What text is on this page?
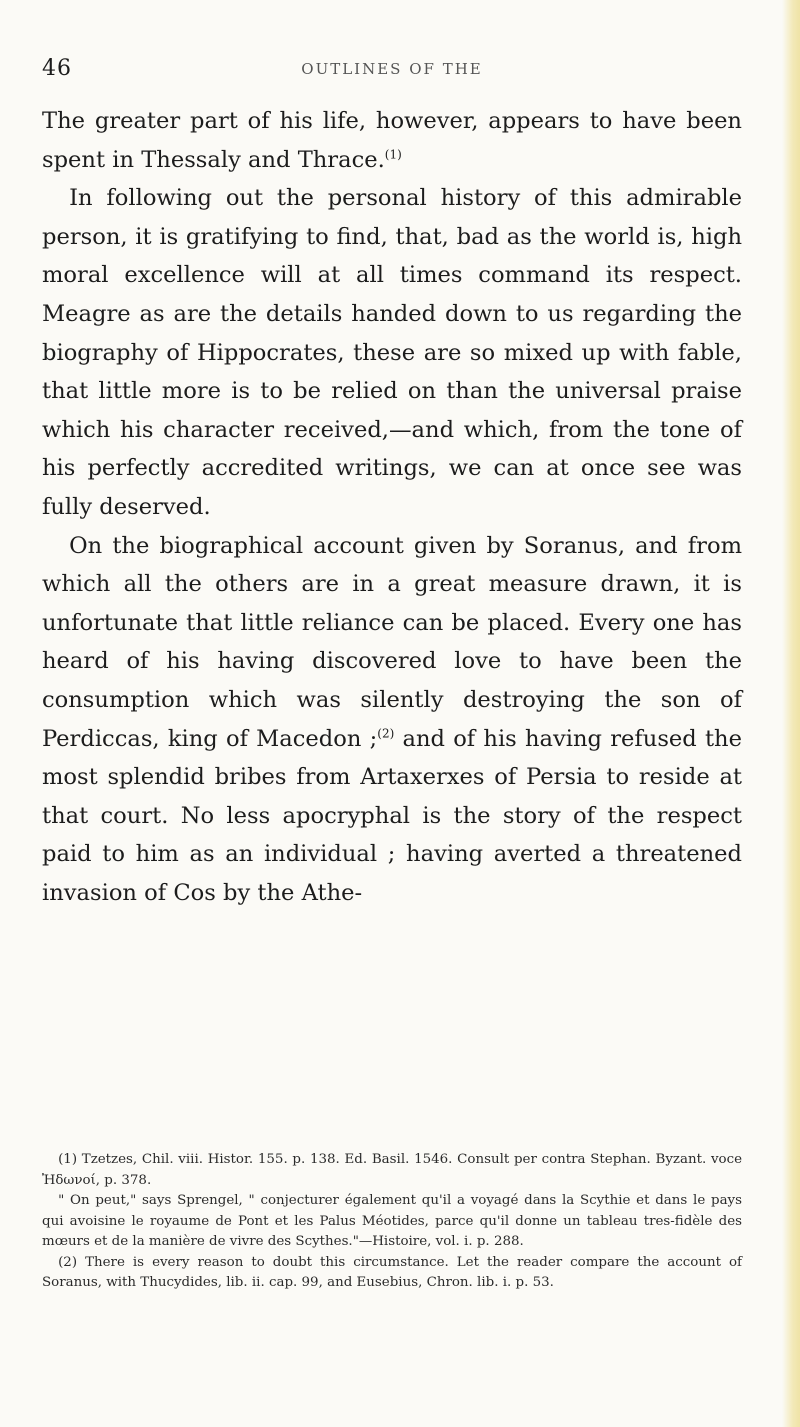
46	OUTLINES OF THE

The greater part of his life, however, appears to have been spent in Thessaly and Thrace.$^{(1)}$

In following out the personal history of this admirable person, it is gratifying to find, that, bad as the world is, high moral excellence will at all times command its respect. Meagre as are the details handed down to us regarding the biography of Hippocrates, these are so mixed up with fable, that little more is to be relied on than the universal praise which his character received,—and which, from the tone of his perfectly accredited writings, we can at once see was fully deserved.

On the biographical account given by Soranus, and from which all the others are in a great measure drawn, it is unfortunate that little reliance can be placed. Every one has heard of his having discovered love to have been the consumption which was silently destroying the son of Perdiccas, king of Macedon ;$^{(2)}$ and of his having refused the most splendid bribes from Artaxerxes of Persia to reside at that court. No less apocryphal is the story of the respect paid to him as an individual ; having averted a threatened invasion of Cos by the Athe-

(1) Tzetzes, Chil. viii. Histor. 155. p. 138. Ed. Basil. 1546. Consult per contra Stephan. Byzant. voce Ἠδωνοί, p. 378.

" On peut," says Sprengel, " conjecturer également qu'il a voyagé dans la Scythie et dans le pays qui avoisine le royaume de Pont et les Palus Méotides, parce qu'il donne un tableau tres-fidèle des mœurs et de la manière de vivre des Scythes."—Histoire, vol. i. p. 288.

(2) There is every reason to doubt this circumstance. Let the reader compare the account of Soranus, with Thucydides, lib. ii. cap. 99, and Eusebius, Chron. lib. i. p. 53.
